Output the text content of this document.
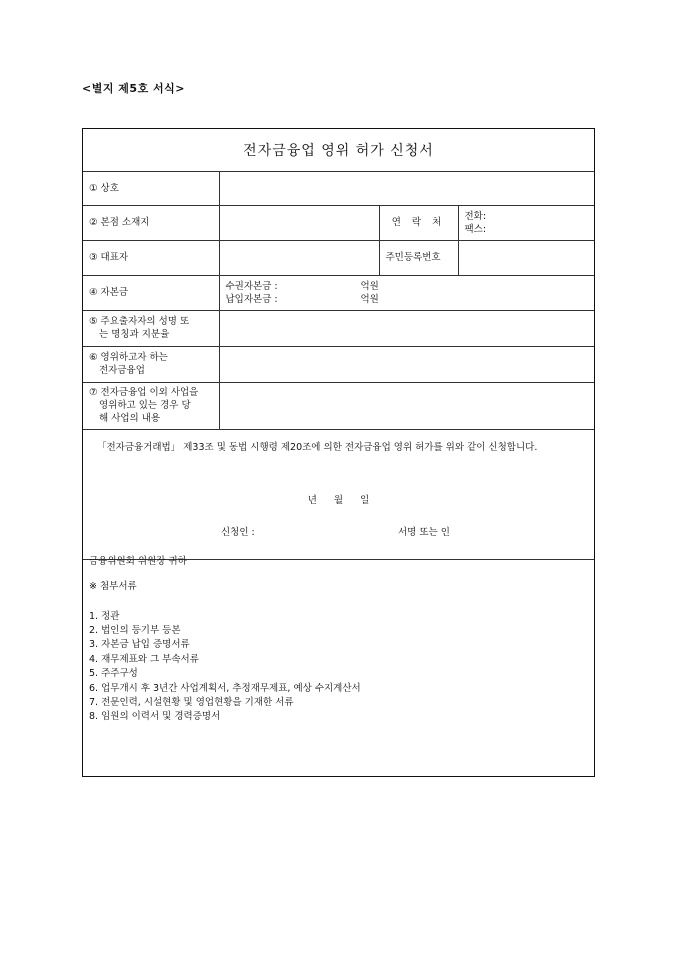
<별지 제5호 서식>
전자금융업 영위 허가 신청서
① 상호			
② 본점 소재지		연 락 처	전화:
팩스:

③ 대표자		주민등록번호	
④ 자본금	수권자본금 : 억원
납입자본금 : 억원		

⑤ 주요출자자의 성명 또
는 명칭과 지분율			

⑥ 영위하고자 하는
전자금융업			

⑦ 전자금융업 이외 사업을
영위하고 있는 경우 당
해 사업의 내용			

「전자금융거래법」 제33조 및 동법 시행령 제20조에 의한 전자금융업 영위 허가를 위와 같이 신청합니다.
년 월 일
신청인 :	서명 또는 인
금융위원회 위원장 귀하
※ 첨부서류
1. 정관
2. 법인의 등기부 등본
3. 자본금 납입 증명서류
4. 재무제표와 그 부속서류
5. 주주구성
6. 업무개시 후 3년간 사업계획서, 추정재무제표, 예상 수지계산서
7. 전문인력, 시설현황 및 영업현황을 기재한 서류
8. 임원의 이력서 및 경력증명서
